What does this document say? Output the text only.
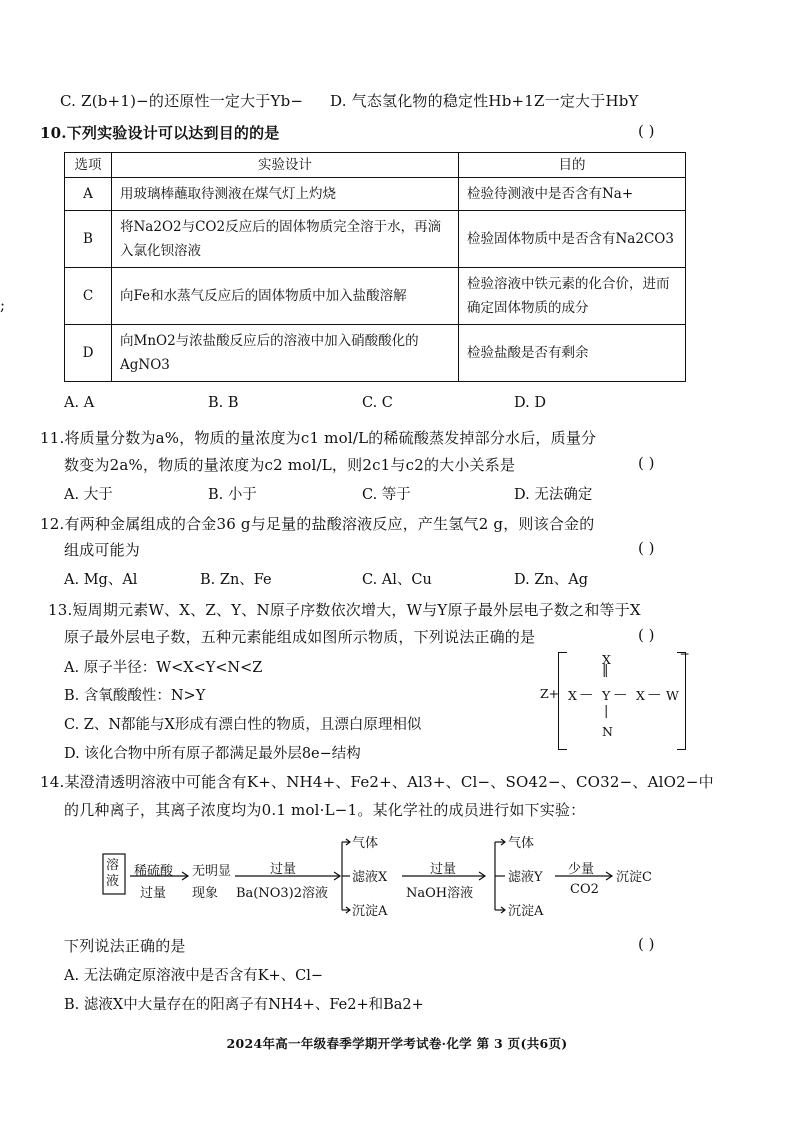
C. Z(b+1)−的还原性一定大于Yb− D. 气态氢化物的稳定性Hb+1Z一定大于HbY
10.下列实验设计可以达到目的的是	( )
选项	实验设计	目的
A	用玻璃棒蘸取待测液在煤气灯上灼烧	检验待测液中是否含有Na+
B	将Na2O2与CO2反应后的固体物质完全溶于水，再滴入氯化钡溶液	检验固体物质中是否含有Na2CO3
C	向Fe和水蒸气反应后的固体物质中加入盐酸溶解	检验溶液中铁元素的化合价，进而确定固体物质的成分
D	向MnO2与浓盐酸反应后的溶液中加入硝酸酸化的AgNO3	检验盐酸是否有剩余
;
A. A	B. B	C. C	D. D
11.将质量分数为a%，物质的量浓度为c1 mol/L的稀硫酸蒸发掉部分水后，质量分
数变为2a%，物质的量浓度为c2 mol/L，则2c1与c2的大小关系是	( )
A. 大于	B. 小于	C. 等于	D. 无法确定
12.有两种金属组成的合金36 g与足量的盐酸溶液反应，产生氢气2 g，则该合金的
组成可能为	( )
A. Mg、Al	B. Zn、Fe	C. Al、Cu	D. Zn、Ag
13.短周期元素W、X、Z、Y、N原子序数依次增大，W与Y原子最外层电子数之和等于X
原子最外层电子数，五种元素能组成如图所示物质，下列说法正确的是	( )
A. 原子半径：W<X<Y<N<Z
B. 含氧酸酸性：N>Y
C. Z、N都能与X形成有漂白性的物质，且漂白原理相似
D. 该化合物中所有原子都满足最外层8e−结构
Z+
−
X
‖
X — Y — X — W
|
N
14.某澄清透明溶液中可能含有K+、NH4+、Fe2+、Al3+、Cl−、SO42−、CO32−、AlO2−中
的几种离子，其离子浓度均为0.1 mol·L−1。某化学社的成员进行如下实验：
溶液
稀硫酸
过量
无明显
现象
过量
Ba(NO3)2溶液
气体
滤液X
沉淀A
过量
NaOH溶液
气体
滤液Y
沉淀A
少量
CO2
沉淀C
下列说法正确的是	( )
A. 无法确定原溶液中是否含有K+、Cl−
B. 滤液X中大量存在的阳离子有NH4+、Fe2+和Ba2+
2024年高一年级春季学期开学考试卷·化学 第 3 页(共6页)
